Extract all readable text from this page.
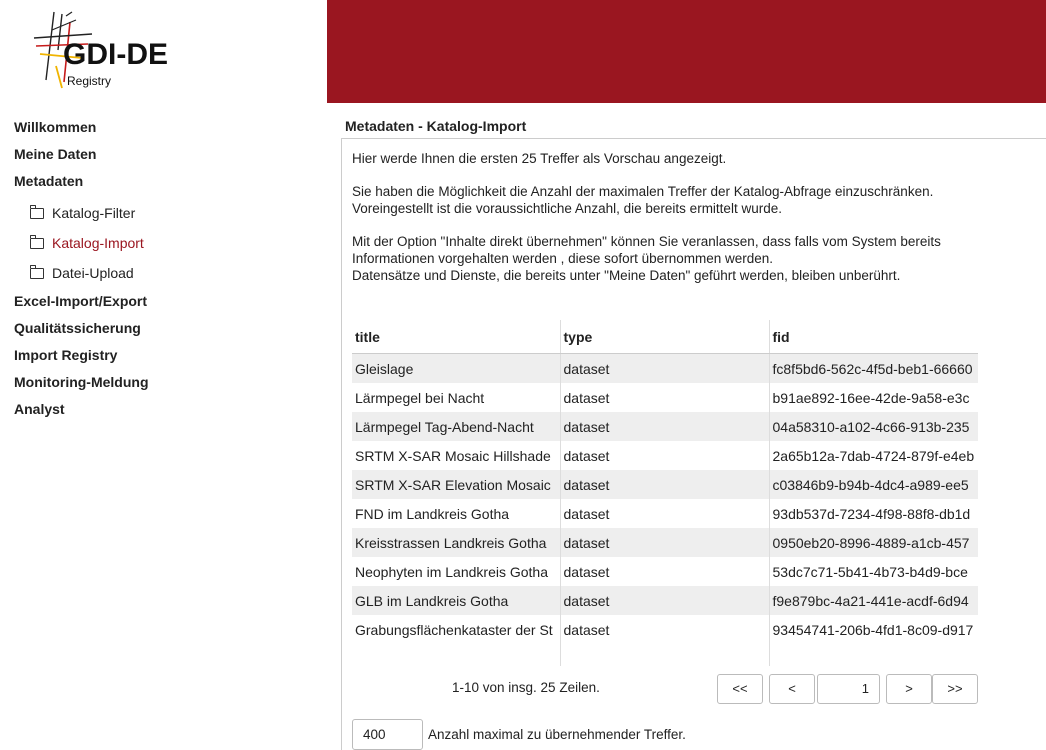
GDI-DE
Registry
Willkommen
Meine Daten
Metadaten
Katalog-Filter
Katalog-Import
Datei-Upload
Excel-Import/Export
Qualitätssicherung
Import Registry
Monitoring-Meldung
Analyst
Metadaten - Katalog-Import

Hier werde Ihnen die ersten 25 Treffer als Vorschau angezeigt.

Sie haben die Möglichkeit die Anzahl der maximalen Treffer der Katalog-Abfrage einzuschränken.
Voreingestellt ist die voraussichtliche Anzahl, die bereits ermittelt wurde.

Mit der Option "Inhalte direkt übernehmen" können Sie veranlassen, dass falls vom System bereits
Informationen vorgehalten werden , diese sofort übernommen werden.
Datensätze und Dienste, die bereits unter "Meine Daten" geführt werden, bleiben unberührt.

title	type	fid
Gleislage	dataset	fc8f5bd6-562c-4f5d-beb1-66660
Lärmpegel bei Nacht	dataset	b91ae892-16ee-42de-9a58-e3c
Lärmpegel Tag-Abend-Nacht	dataset	04a58310-a102-4c66-913b-235
SRTM X-SAR Mosaic Hillshade	dataset	2a65b12a-7dab-4724-879f-e4eb
SRTM X-SAR Elevation Mosaic	dataset	c03846b9-b94b-4dc4-a989-ee5
FND im Landkreis Gotha	dataset	93db537d-7234-4f98-88f8-db1d
Kreisstrassen Landkreis Gotha	dataset	0950eb20-8996-4889-a1cb-457
Neophyten im Landkreis Gotha	dataset	53dc7c71-5b41-4b73-b4d9-bce
GLB im Landkreis Gotha	dataset	f9e879bc-4a21-441e-acdf-6d94
Grabungsflächenkataster der St	dataset	93454741-206b-4fd1-8c09-d917

1-10 von insg. 25 Zeilen.	<<	<	1	>	>>
400	Anzahl maximal zu übernehmender Treffer.
